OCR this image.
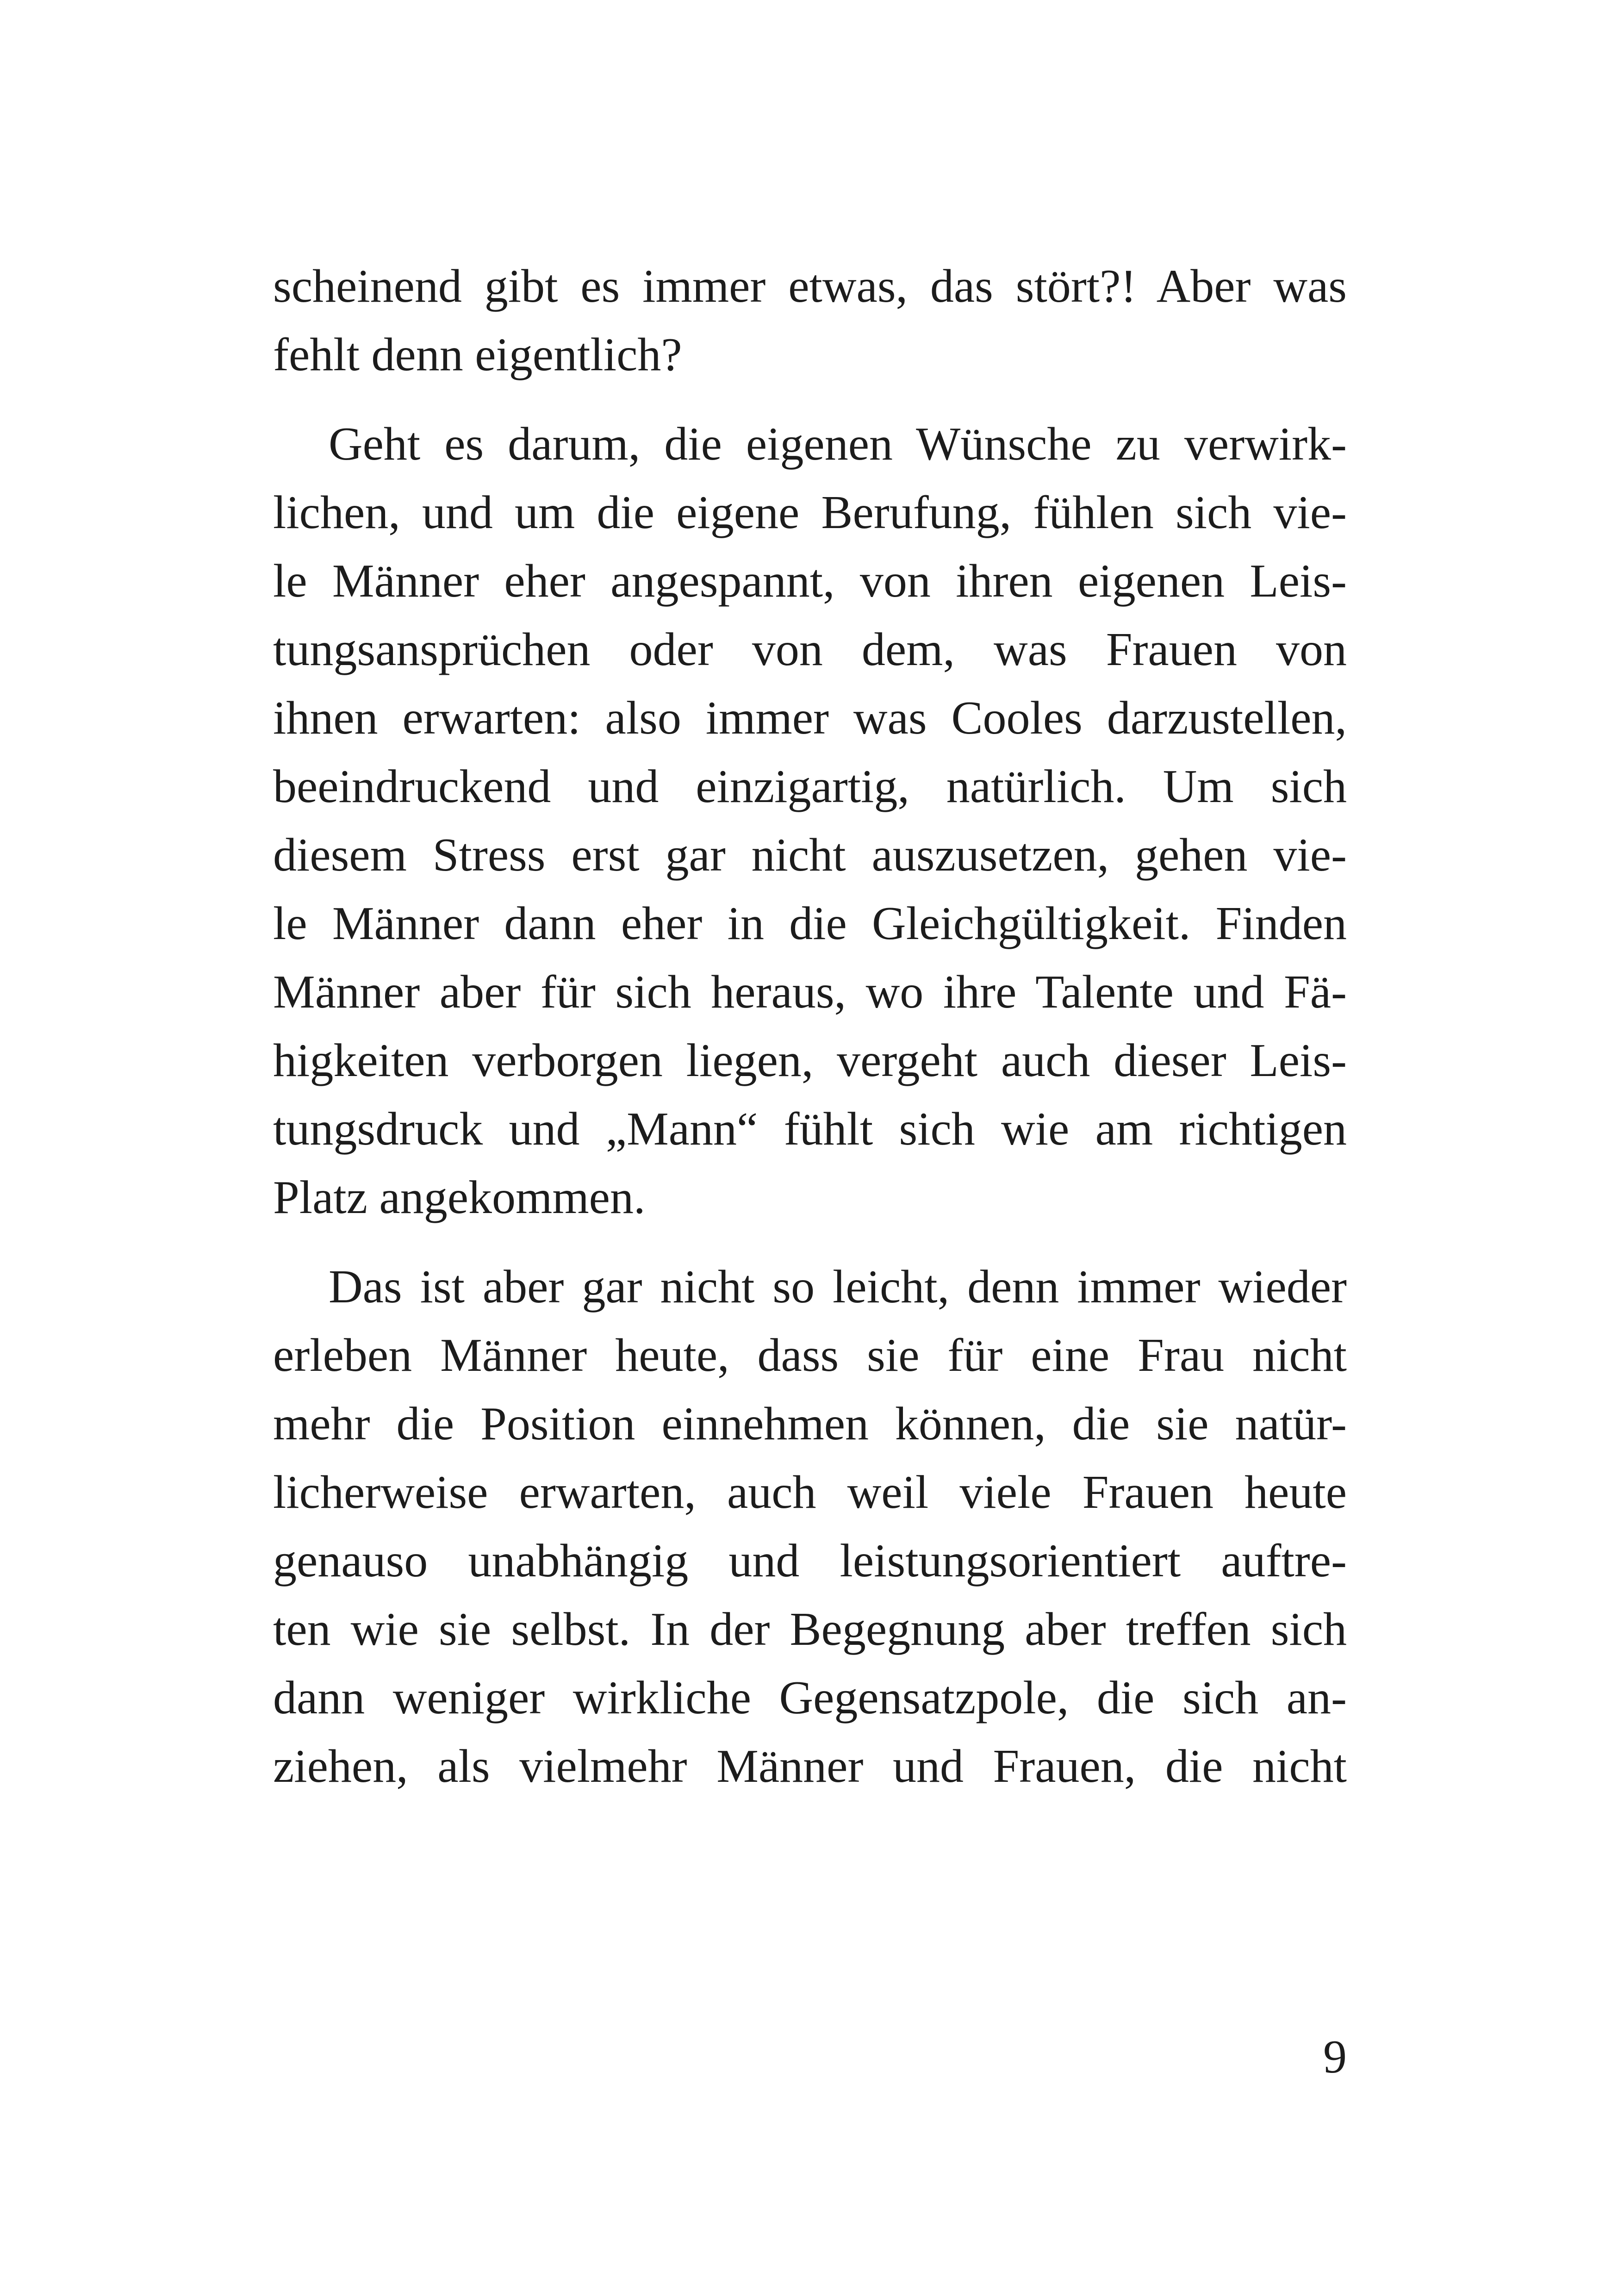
scheinend gibt es immer etwas, das stört?! Aber was
fehlt denn eigentlich?
Geht es darum, die eigenen Wünsche zu verwirk-
lichen, und um die eigene Berufung, fühlen sich vie-
le Männer eher angespannt, von ihren eigenen Leis-
tungsansprüchen oder von dem, was Frauen von
ihnen erwarten: also immer was Cooles darzustellen,
beeindruckend und einzigartig, natürlich. Um sich
diesem Stress erst gar nicht auszusetzen, gehen vie-
le Männer dann eher in die Gleichgültigkeit. Finden
Männer aber für sich heraus, wo ihre Talente und Fä-
higkeiten verborgen liegen, vergeht auch dieser Leis-
tungsdruck und „Mann“ fühlt sich wie am richtigen
Platz angekommen.
Das ist aber gar nicht so leicht, denn immer wieder
erleben Männer heute, dass sie für eine Frau nicht
mehr die Position einnehmen können, die sie natür-
licherweise erwarten, auch weil viele Frauen heute
genauso unabhängig und leistungsorientiert auftre-
ten wie sie selbst. In der Begegnung aber treffen sich
dann weniger wirkliche Gegensatzpole, die sich an-
ziehen, als vielmehr Männer und Frauen, die nicht
9
